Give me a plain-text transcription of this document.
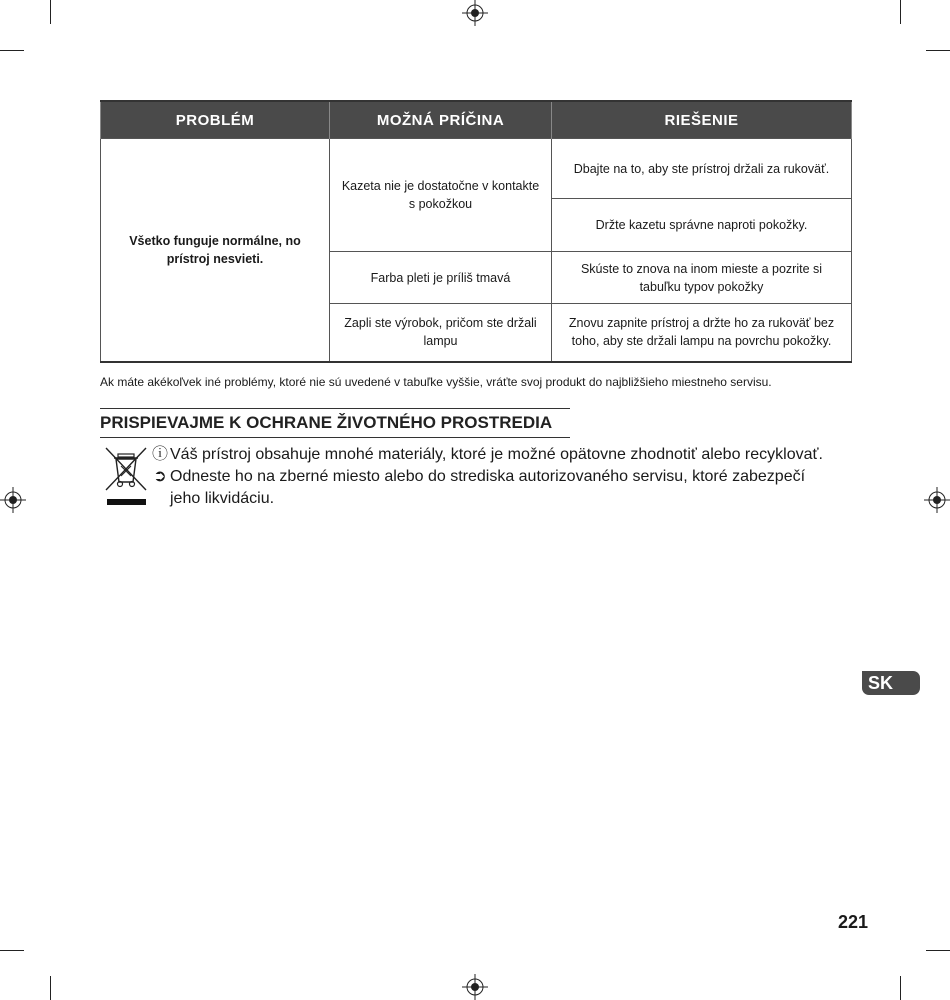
PROBLÉM	MOŽNÁ PRÍČINA	RIEŠENIE
Všetko funguje normálne, no prístroj nesvieti.	Kazeta nie je dostatočne v kontakte s pokožkou	Dbajte na to, aby ste prístroj držali za rukoväť.
		Držte kazetu správne naproti pokožky.
	Farba pleti je príliš tmavá	Skúste to znova na inom mieste a pozrite si tabuľku typov pokožky
	Zapli ste výrobok, pričom ste držali lampu	Znovu zapnite prístroj a držte ho za rukoväť bez toho, aby ste držali lampu na povrchu pokožky.
Ak máte akékoľvek iné problémy, ktoré nie sú uvedené v tabuľke vyššie, vráťte svoj produkt do najbližšieho miestneho servisu.
PRISPIEVAJME K OCHRANE ŽIVOTNÉHO PROSTREDIA
ⓘ Váš prístroj obsahuje mnohé materiály, ktoré je možné opätovne zhodnotiť alebo recyklovať.
➲ Odneste ho na zberné miesto alebo do strediska autorizovaného servisu, ktoré zabezpečí
jeho likvidáciu.
SK
221
